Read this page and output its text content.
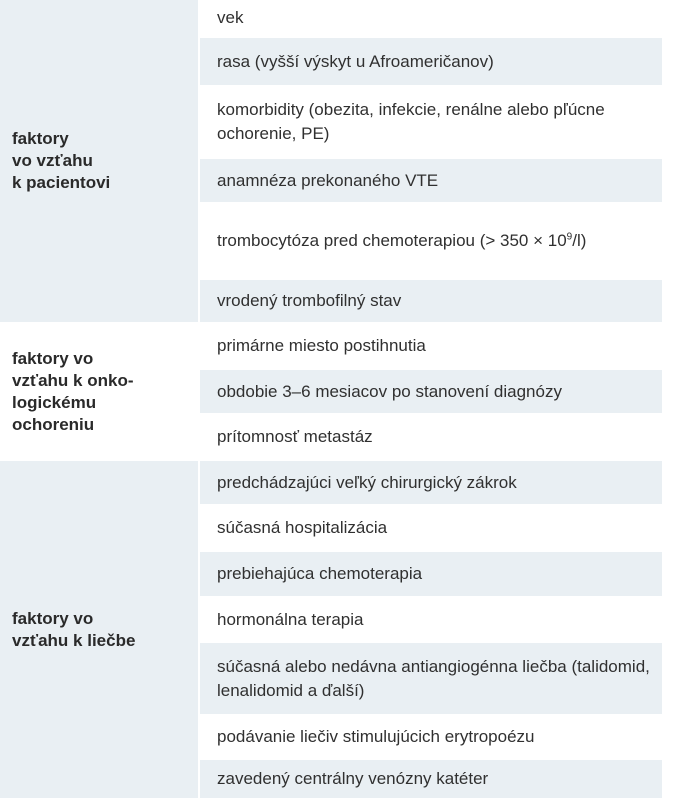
faktory
vo vzťahu
k pacientovi	vek

	rasa (vyšší výskyt u Afroameričanov)

	komorbidity (obezita, infekcie, renálne alebo pľúcne ochorenie, PE)

	anamnéza prekonaného VTE

	trombocytóza pred chemoterapiou (> $350 \times 10^9/l$)

	vrodený trombofilný stav

faktory vo
vzťahu k onko-
logickému
ochoreniu	primárne miesto postihnutia

	obdobie 3–6 mesiacov po stanovení diagnózy

	prítomnosť metastáz

faktory vo
vzťahu k liečbe	predchádzajúci veľký chirurgický zákrok

	súčasná hospitalizácia

	prebiehajúca chemoterapia

	hormonálna terapia

	súčasná alebo nedávna antiangiogénna liečba (talidomid, lenalidomid a ďalší)

	podávanie liečiv stimulujúcich erytropoézu

	zavedený centrálny venózny katéter
